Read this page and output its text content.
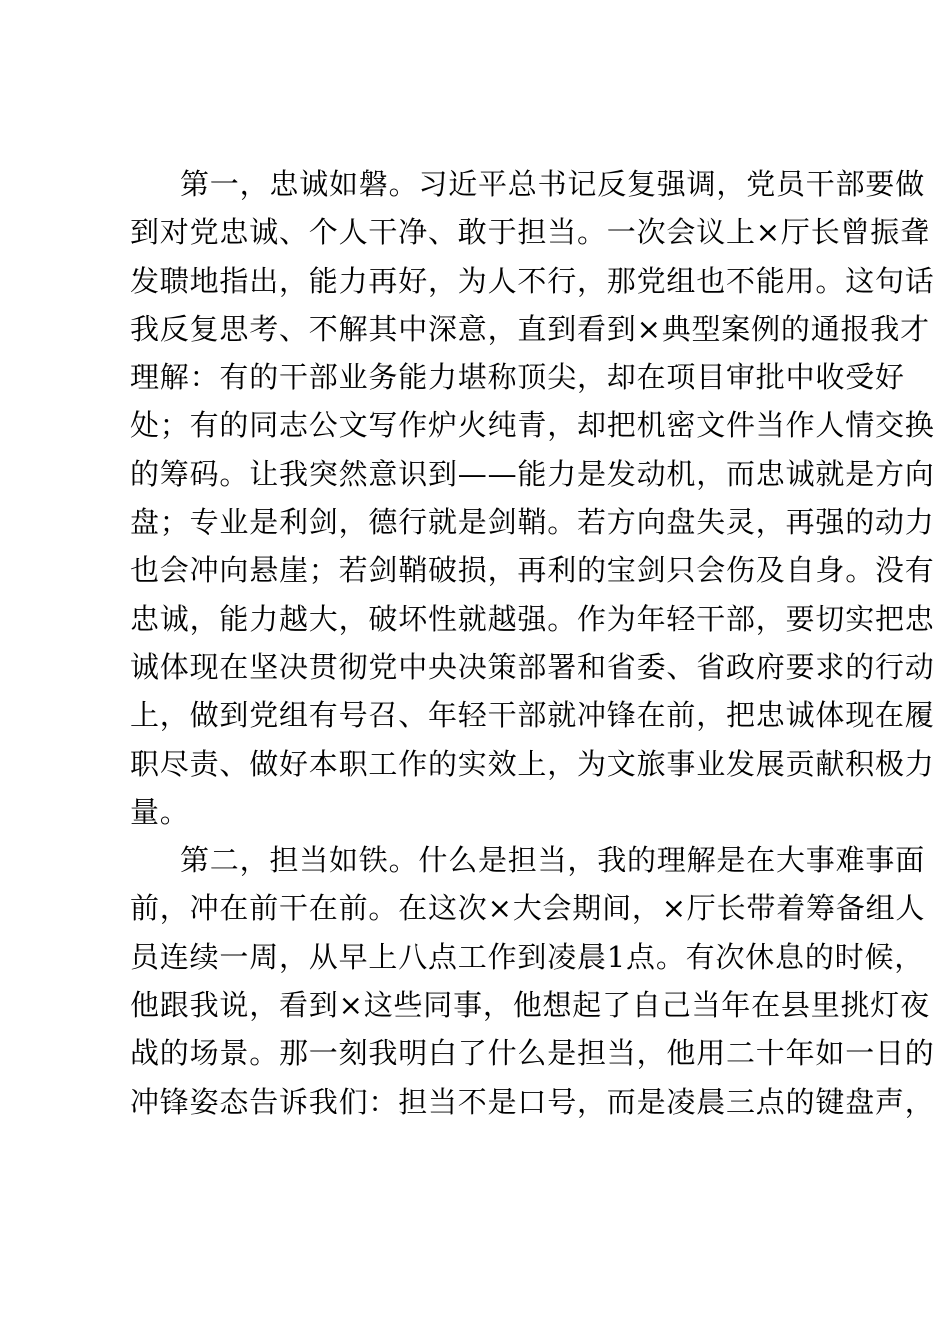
第一，忠诚如磐。习近平总书记反复强调，党员干部要做
到对党忠诚、个人干净、敢于担当。一次会议上×厅长曾振聋
发聩地指出，能力再好，为人不行，那党组也不能用。这句话
我反复思考、不解其中深意，直到看到×典型案例的通报我才
理解：有的干部业务能力堪称顶尖，却在项目审批中收受好
处；有的同志公文写作炉火纯青，却把机密文件当作人情交换
的筹码。让我突然意识到——能力是发动机，而忠诚就是方向
盘；专业是利剑，德行就是剑鞘。若方向盘失灵，再强的动力
也会冲向悬崖；若剑鞘破损，再利的宝剑只会伤及自身。没有
忠诚，能力越大，破坏性就越强。作为年轻干部，要切实把忠
诚体现在坚决贯彻党中央决策部署和省委、省政府要求的行动
上，做到党组有号召、年轻干部就冲锋在前，把忠诚体现在履
职尽责、做好本职工作的实效上，为文旅事业发展贡献积极力
量。
第二，担当如铁。什么是担当，我的理解是在大事难事面
前，冲在前干在前。在这次×大会期间，×厅长带着筹备组人
员连续一周，从早上八点工作到凌晨1点。有次休息的时候，
他跟我说，看到×这些同事，他想起了自己当年在县里挑灯夜
战的场景。那一刻我明白了什么是担当，他用二十年如一日的
冲锋姿态告诉我们：担当不是口号，而是凌晨三点的键盘声，
